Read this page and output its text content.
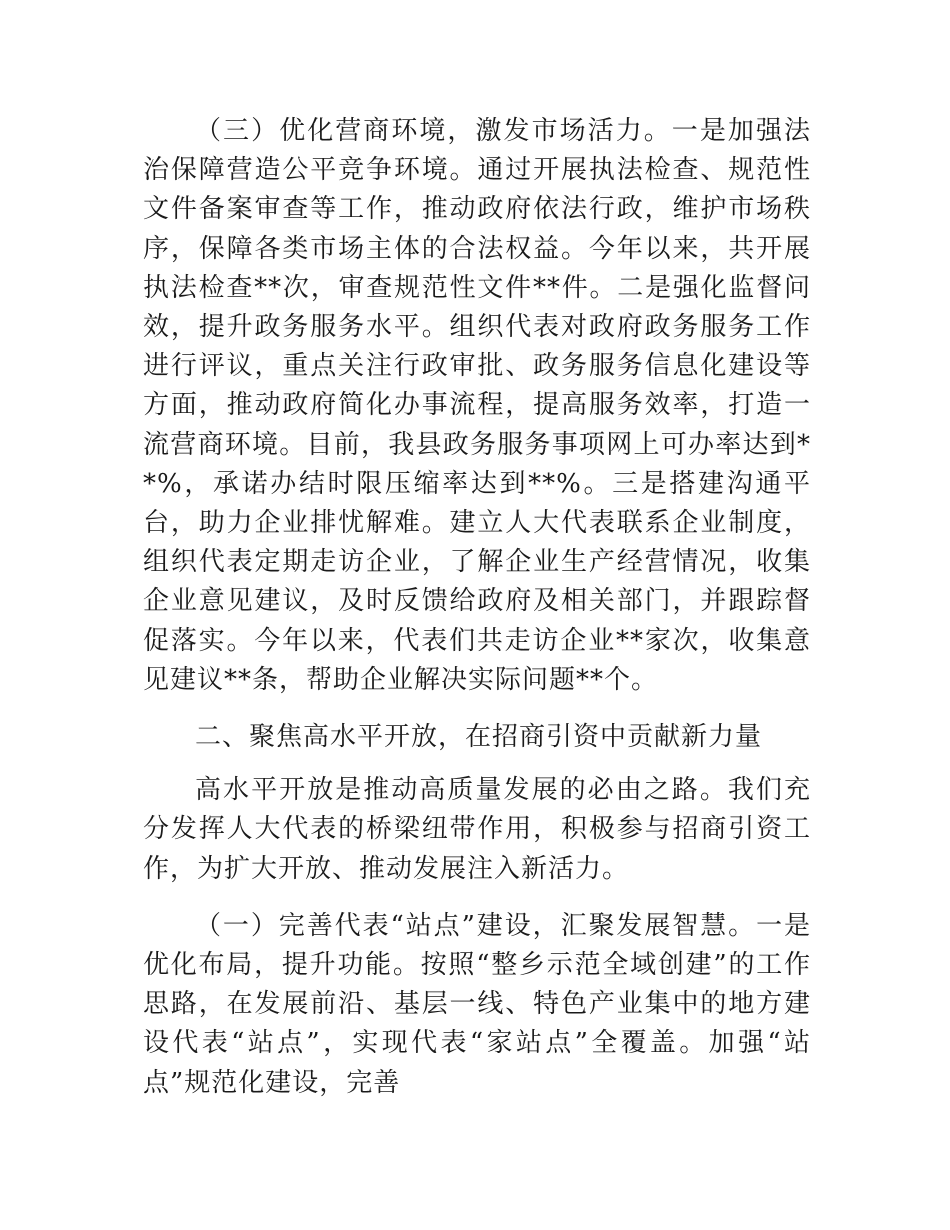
（三）优化营商环境，激发市场活力。一是加强法治保障营造公平竞争环境。通过开展执法检查、规范性文件备案审查等工作，推动政府依法行政，维护市场秩序，保障各类市场主体的合法权益。今年以来，共开展执法检查**次，审查规范性文件**件。二是强化监督问效，提升政务服务水平。组织代表对政府政务服务工作进行评议，重点关注行政审批、政务服务信息化建设等方面，推动政府简化办事流程，提高服务效率，打造一流营商环境。目前，我县政务服务事项网上可办率达到**%，承诺办结时限压缩率达到**%。三是搭建沟通平台，助力企业排忧解难。建立人大代表联系企业制度，组织代表定期走访企业，了解企业生产经营情况，收集企业意见建议，及时反馈给政府及相关部门，并跟踪督促落实。今年以来，代表们共走访企业**家次，收集意见建议**条，帮助企业解决实际问题**个。

二、聚焦高水平开放，在招商引资中贡献新力量

高水平开放是推动高质量发展的必由之路。我们充分发挥人大代表的桥梁纽带作用，积极参与招商引资工作，为扩大开放、推动发展注入新活力。

（一）完善代表“站点”建设，汇聚发展智慧。一是优化布局，提升功能。按照“整乡示范全域创建”的工作思路，在发展前沿、基层一线、特色产业集中的地方建设代表“站点”，实现代表“家站点”全覆盖。加强“站点”规范化建设，完善
